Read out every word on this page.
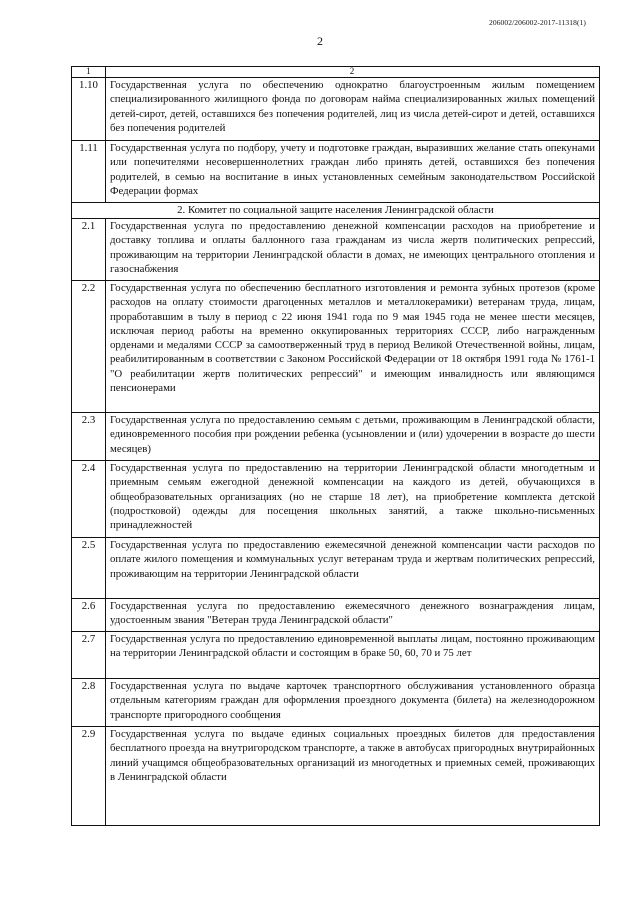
206002/206002-2017-11318(1)
2
1	2
1.10	Государственная услуга по обеспечению однократно благоустроенным жилым помещением специализированного жилищного фонда по договорам найма специализированных жилых помещений детей-сирот, детей, оставшихся без попечения родителей, лиц из числа детей-сирот и детей, оставшихся без попечения родителей
1.11	Государственная услуга по подбору, учету и подготовке граждан, выразивших желание стать опекунами или попечителями несовершеннолетних граждан либо принять детей, оставшихся без попечения родителей, в семью на воспитание в иных установленных семейным законодательством Российской Федерации формах
2. Комитет по социальной защите населения Ленинградской области
2.1	Государственная услуга по предоставлению денежной компенсации расходов на приобретение и доставку топлива и оплаты баллонного газа гражданам из числа жертв политических репрессий, проживающим на территории Ленинградской области в домах, не имеющих центрального отопления и газоснабжения
2.2	Государственная услуга по обеспечению бесплатного изготовления и ремонта зубных протезов (кроме расходов на оплату стоимости драгоценных металлов и металлокерамики) ветеранам труда, лицам, проработавшим в тылу в период с 22 июня 1941 года по 9 мая 1945 года не менее шести месяцев, исключая период работы на временно оккупированных территориях СССР, либо награжденным орденами и медалями СССР за самоотверженный труд в период Великой Отечественной войны, лицам, реабилитированным в соответствии с Законом Российской Федерации от 18 октября 1991 года № 1761-1 "О реабилитации жертв политических репрессий" и имеющим инвалидность или являющимся пенсионерами
2.3	Государственная услуга по предоставлению семьям с детьми, проживающим в Ленинградской области, единовременного пособия при рождении ребенка (усыновлении и (или) удочерении в возрасте до шести месяцев)
2.4	Государственная услуга по предоставлению на территории Ленинградской области многодетным и приемным семьям ежегодной денежной компенсации на каждого из детей, обучающихся в общеобразовательных организациях (но не старше 18 лет), на приобретение комплекта детской (подростковой) одежды для посещения школьных занятий, а также школьно-письменных принадлежностей
2.5	Государственная услуга по предоставлению ежемесячной денежной компенсации части расходов по оплате жилого помещения и коммунальных услуг ветеранам труда и жертвам политических репрессий, проживающим на территории Ленинградской области
2.6	Государственная услуга по предоставлению ежемесячного денежного вознаграждения лицам, удостоенным звания "Ветеран труда Ленинградской области"
2.7	Государственная услуга по предоставлению единовременной выплаты лицам, постоянно проживающим на территории Ленинградской области и состоящим в браке 50, 60, 70 и 75 лет
2.8	Государственная услуга по выдаче карточек транспортного обслуживания установленного образца отдельным категориям граждан для оформления проездного документа (билета) на железнодорожном транспорте пригородного сообщения
2.9	Государственная услуга по выдаче единых социальных проездных билетов для предоставления бесплатного проезда на внутригородском транспорте, а также в автобусах пригородных внутрирайонных линий учащимся общеобразовательных организаций из многодетных и приемных семей, проживающих в Ленинградской области
